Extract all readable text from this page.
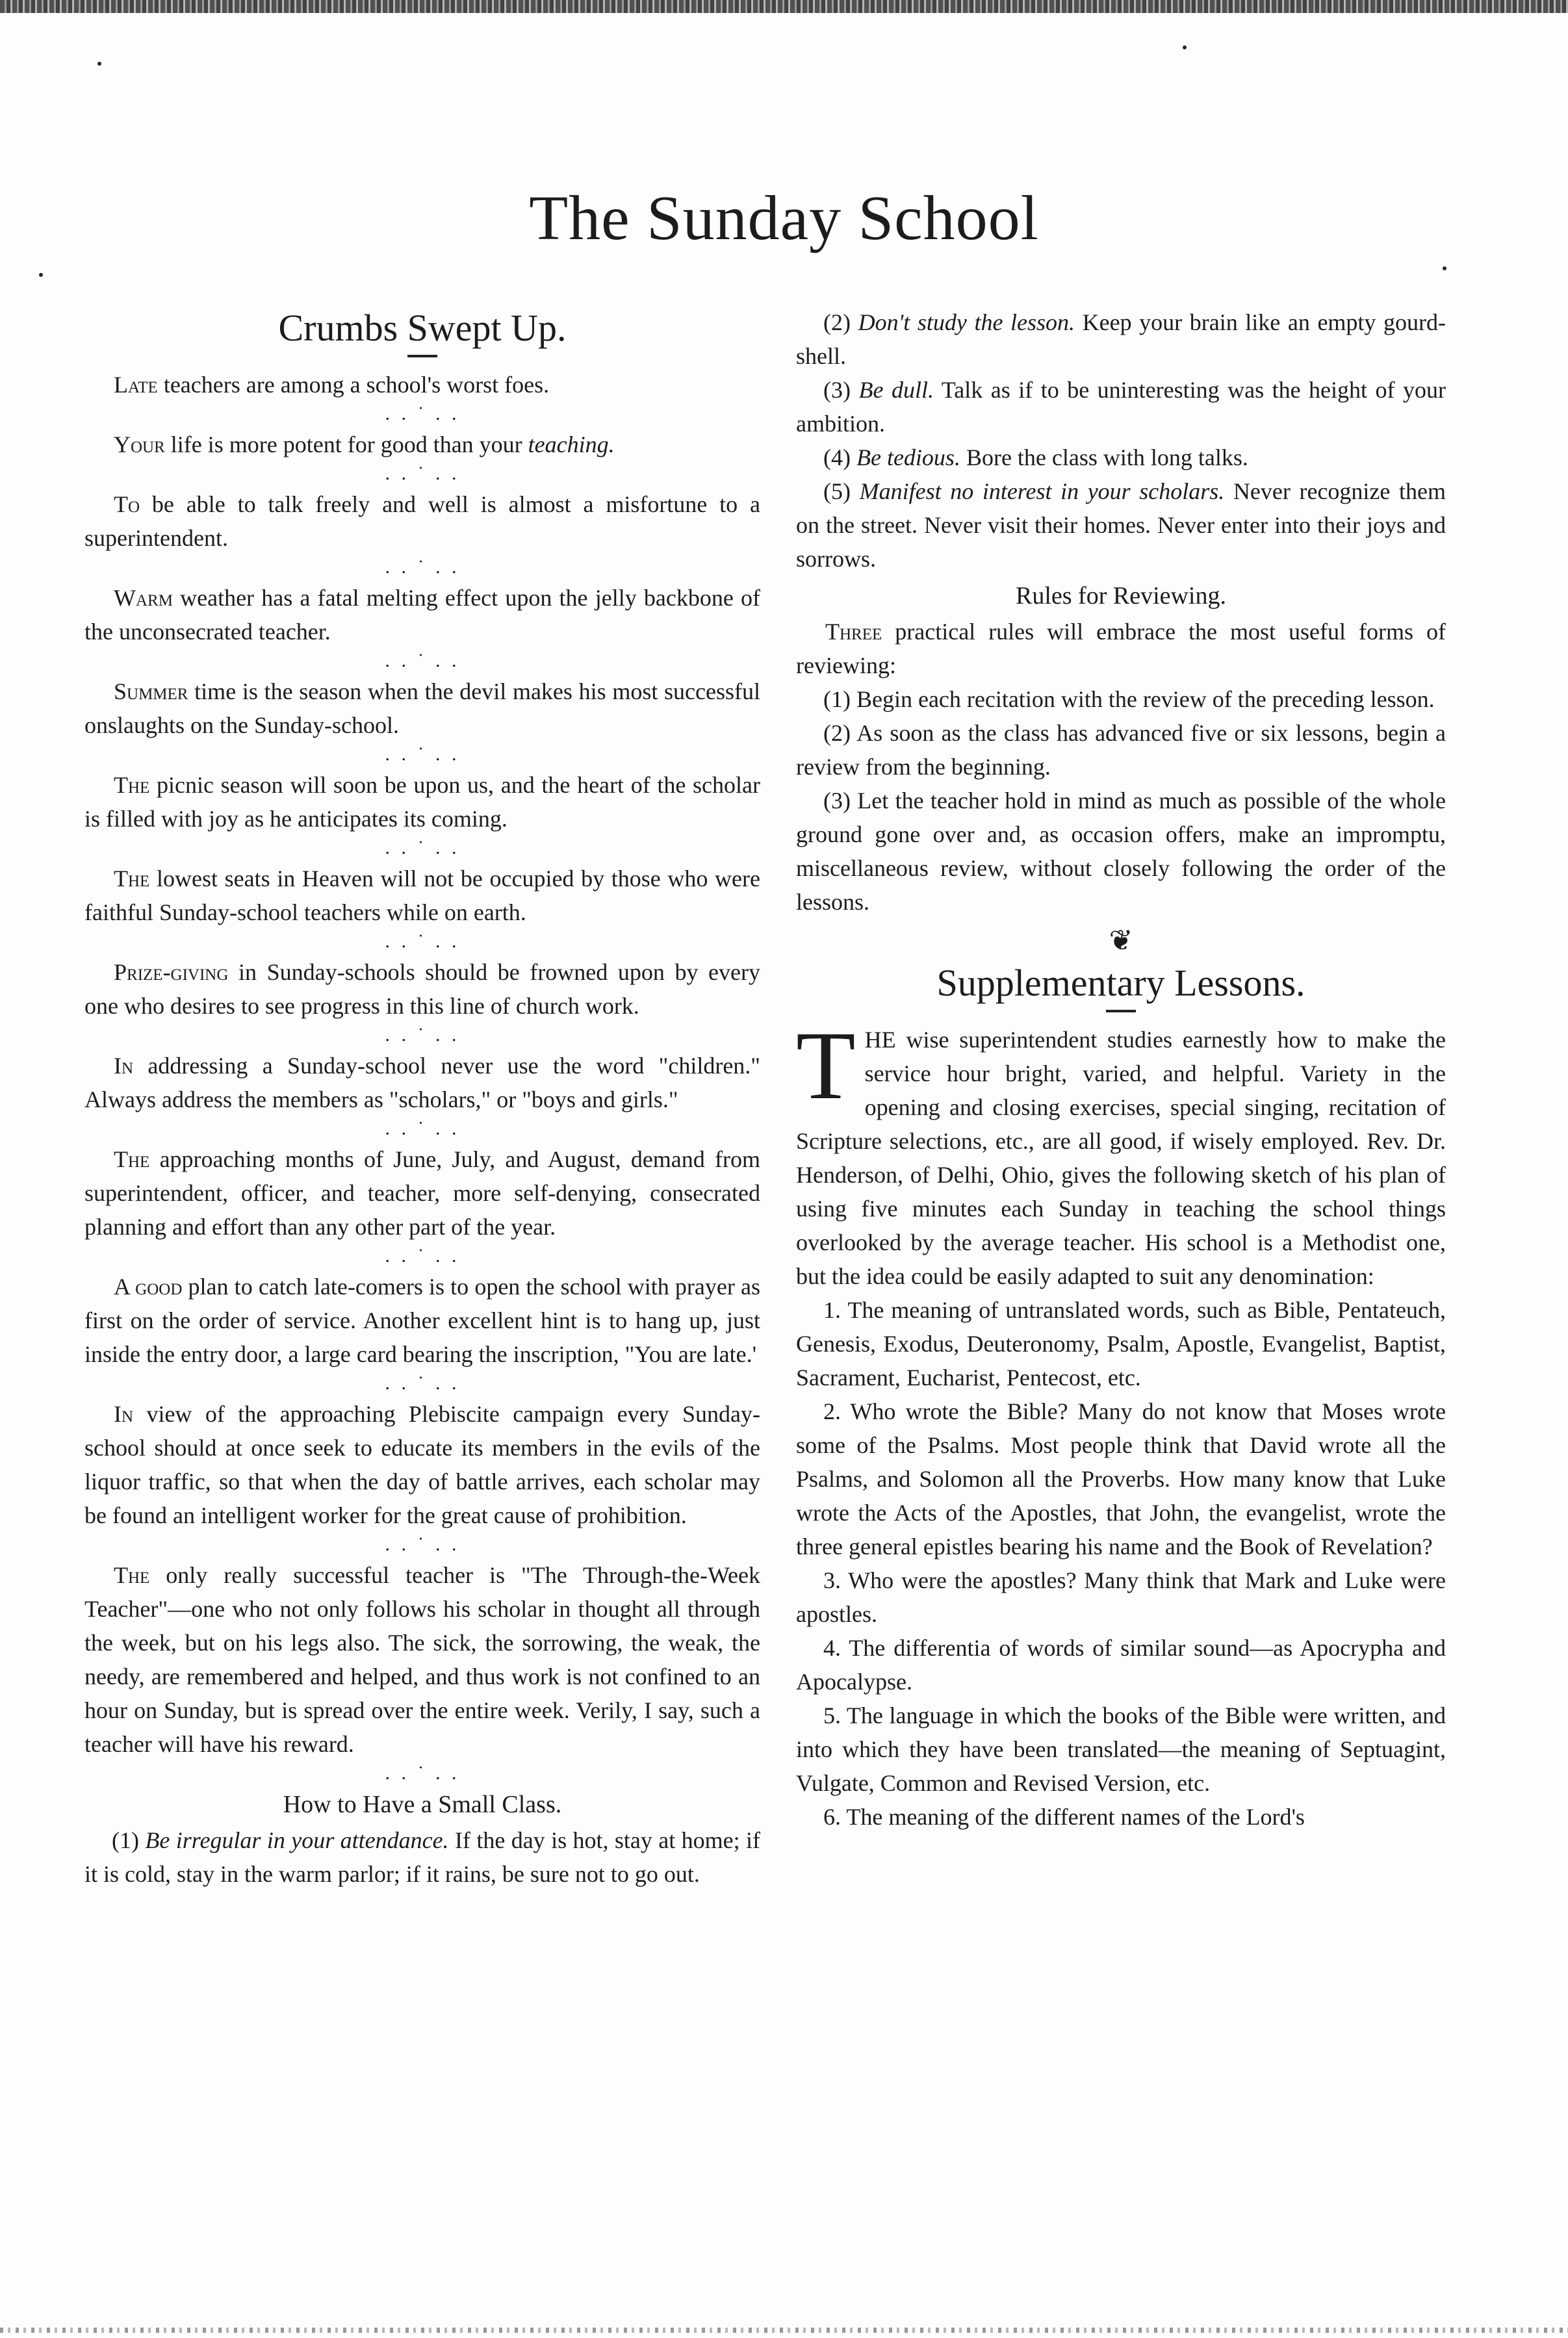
The Sunday School
Crumbs Swept Up.

Late teachers are among a school's worst foes.

. . ˙ . .

Your life is more potent for good than your teaching.

. . ˙ . .

To be able to talk freely and well is almost a misfortune to a superintendent.

. . ˙ . .

Warm weather has a fatal melting effect upon the jelly backbone of the unconsecrated teacher.

. . ˙ . .

Summer time is the season when the devil makes his most successful onslaughts on the Sunday-school.

. . ˙ . .

The picnic season will soon be upon us, and the heart of the scholar is filled with joy as he anticipates its coming.

. . ˙ . .

The lowest seats in Heaven will not be occupied by those who were faithful Sunday-school teachers while on earth.

. . ˙ . .

Prize-giving in Sunday-schools should be frowned upon by every one who desires to see progress in this line of church work.

. . ˙ . .

In addressing a Sunday-school never use the word "children." Always address the members as "scholars," or "boys and girls."

. . ˙ . .

The approaching months of June, July, and August, demand from superintendent, officer, and teacher, more self-denying, consecrated planning and effort than any other part of the year.

. . ˙ . .

A good plan to catch late-comers is to open the school with prayer as first on the order of service. Another excellent hint is to hang up, just inside the entry door, a large card bearing the inscription, "You are late.'

. . ˙ . .

In view of the approaching Plebiscite campaign every Sunday-school should at once seek to educate its members in the evils of the liquor traffic, so that when the day of battle arrives, each scholar may be found an intelligent worker for the great cause of prohibition.

. . ˙ . .

The only really successful teacher is "The Through-the-Week Teacher"—one who not only follows his scholar in thought all through the week, but on his legs also. The sick, the sorrowing, the weak, the needy, are remembered and helped, and thus work is not confined to an hour on Sunday, but is spread over the entire week. Verily, I say, such a teacher will have his reward.

. . ˙ . .
How to Have a Small Class.

(1) Be irregular in your attendance. If the day is hot, stay at home; if it is cold, stay in the warm parlor; if it rains, be sure not to go out.

(2) Don't study the lesson. Keep your brain like an empty gourd-shell.

(3) Be dull. Talk as if to be uninteresting was the height of your ambition.

(4) Be tedious. Bore the class with long talks.

(5) Manifest no interest in your scholars. Never recognize them on the street. Never visit their homes. Never enter into their joys and sorrows.

Rules for Reviewing.

Three practical rules will embrace the most useful forms of reviewing:

(1) Begin each recitation with the review of the preceding lesson.

(2) As soon as the class has advanced five or six lessons, begin a review from the beginning.

(3) Let the teacher hold in mind as much as possible of the whole ground gone over and, as occasion offers, make an impromptu, miscellaneous review, without closely following the order of the lessons.

❦
Supplementary Lessons.

THE wise superintendent studies earnestly how to make the service hour bright, varied, and helpful. Variety in the opening and closing exercises, special singing, recitation of Scripture selections, etc., are all good, if wisely employed. Rev. Dr. Henderson, of Delhi, Ohio, gives the following sketch of his plan of using five minutes each Sunday in teaching the school things overlooked by the average teacher. His school is a Methodist one, but the idea could be easily adapted to suit any denomination:

1. The meaning of untranslated words, such as Bible, Pentateuch, Genesis, Exodus, Deuteronomy, Psalm, Apostle, Evangelist, Baptist, Sacrament, Eucharist, Pentecost, etc.

2. Who wrote the Bible? Many do not know that Moses wrote some of the Psalms. Most people think that David wrote all the Psalms, and Solomon all the Proverbs. How many know that Luke wrote the Acts of the Apostles, that John, the evangelist, wrote the three general epistles bearing his name and the Book of Revelation?

3. Who were the apostles? Many think that Mark and Luke were apostles.

4. The differentia of words of similar sound—as Apocrypha and Apocalypse.

5. The language in which the books of the Bible were written, and into which they have been translated—the meaning of Septuagint, Vulgate, Common and Revised Version, etc.

6. The meaning of the different names of the Lord's
